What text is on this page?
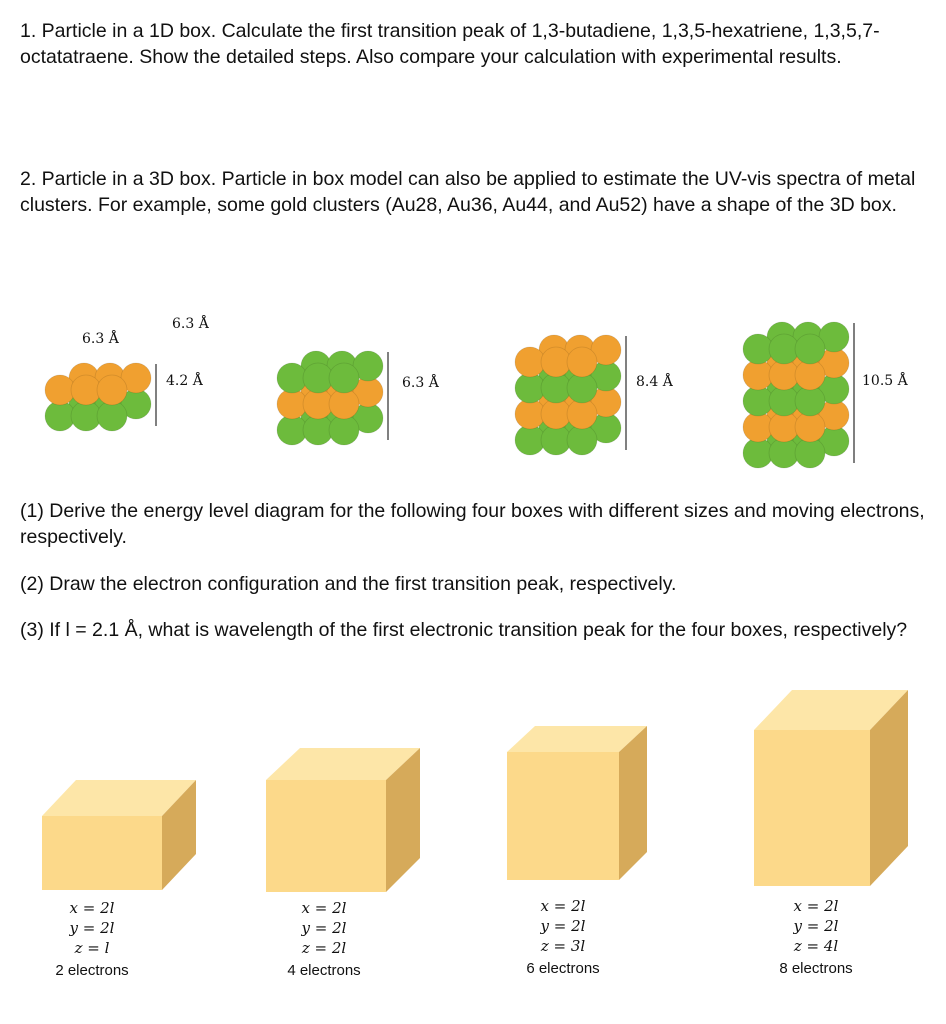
1. Particle in a 1D box. Calculate the first transition peak of 1,3-butadiene, 1,3,5-hexatriene, 1,3,5,7-octatatraene. Show the detailed steps. Also compare your calculation with experimental results.

2. Particle in a 3D box. Particle in box model can also be applied to estimate the UV-vis spectra of metal clusters. For example, some gold clusters (Au28, Au36, Au44, and Au52) have a shape of the 3D box.

6.3 Å
6.3 Å
4.2 Å	6.3 Å	8.4 Å	10.5 Å

(1) Derive the energy level diagram for the following four boxes with different sizes and moving electrons, respectively.

(2) Draw the electron configuration and the first transition peak, respectively.

(3) If l = 2.1 Å, what is wavelength of the first electronic transition peak for the four boxes, respectively?

x = 2l
y = 2l
z = l
2 electrons
x = 2l
y = 2l
z = 2l
4 electrons
x = 2l
y = 2l
z = 3l
6 electrons
x = 2l
y = 2l
z = 4l
8 electrons
